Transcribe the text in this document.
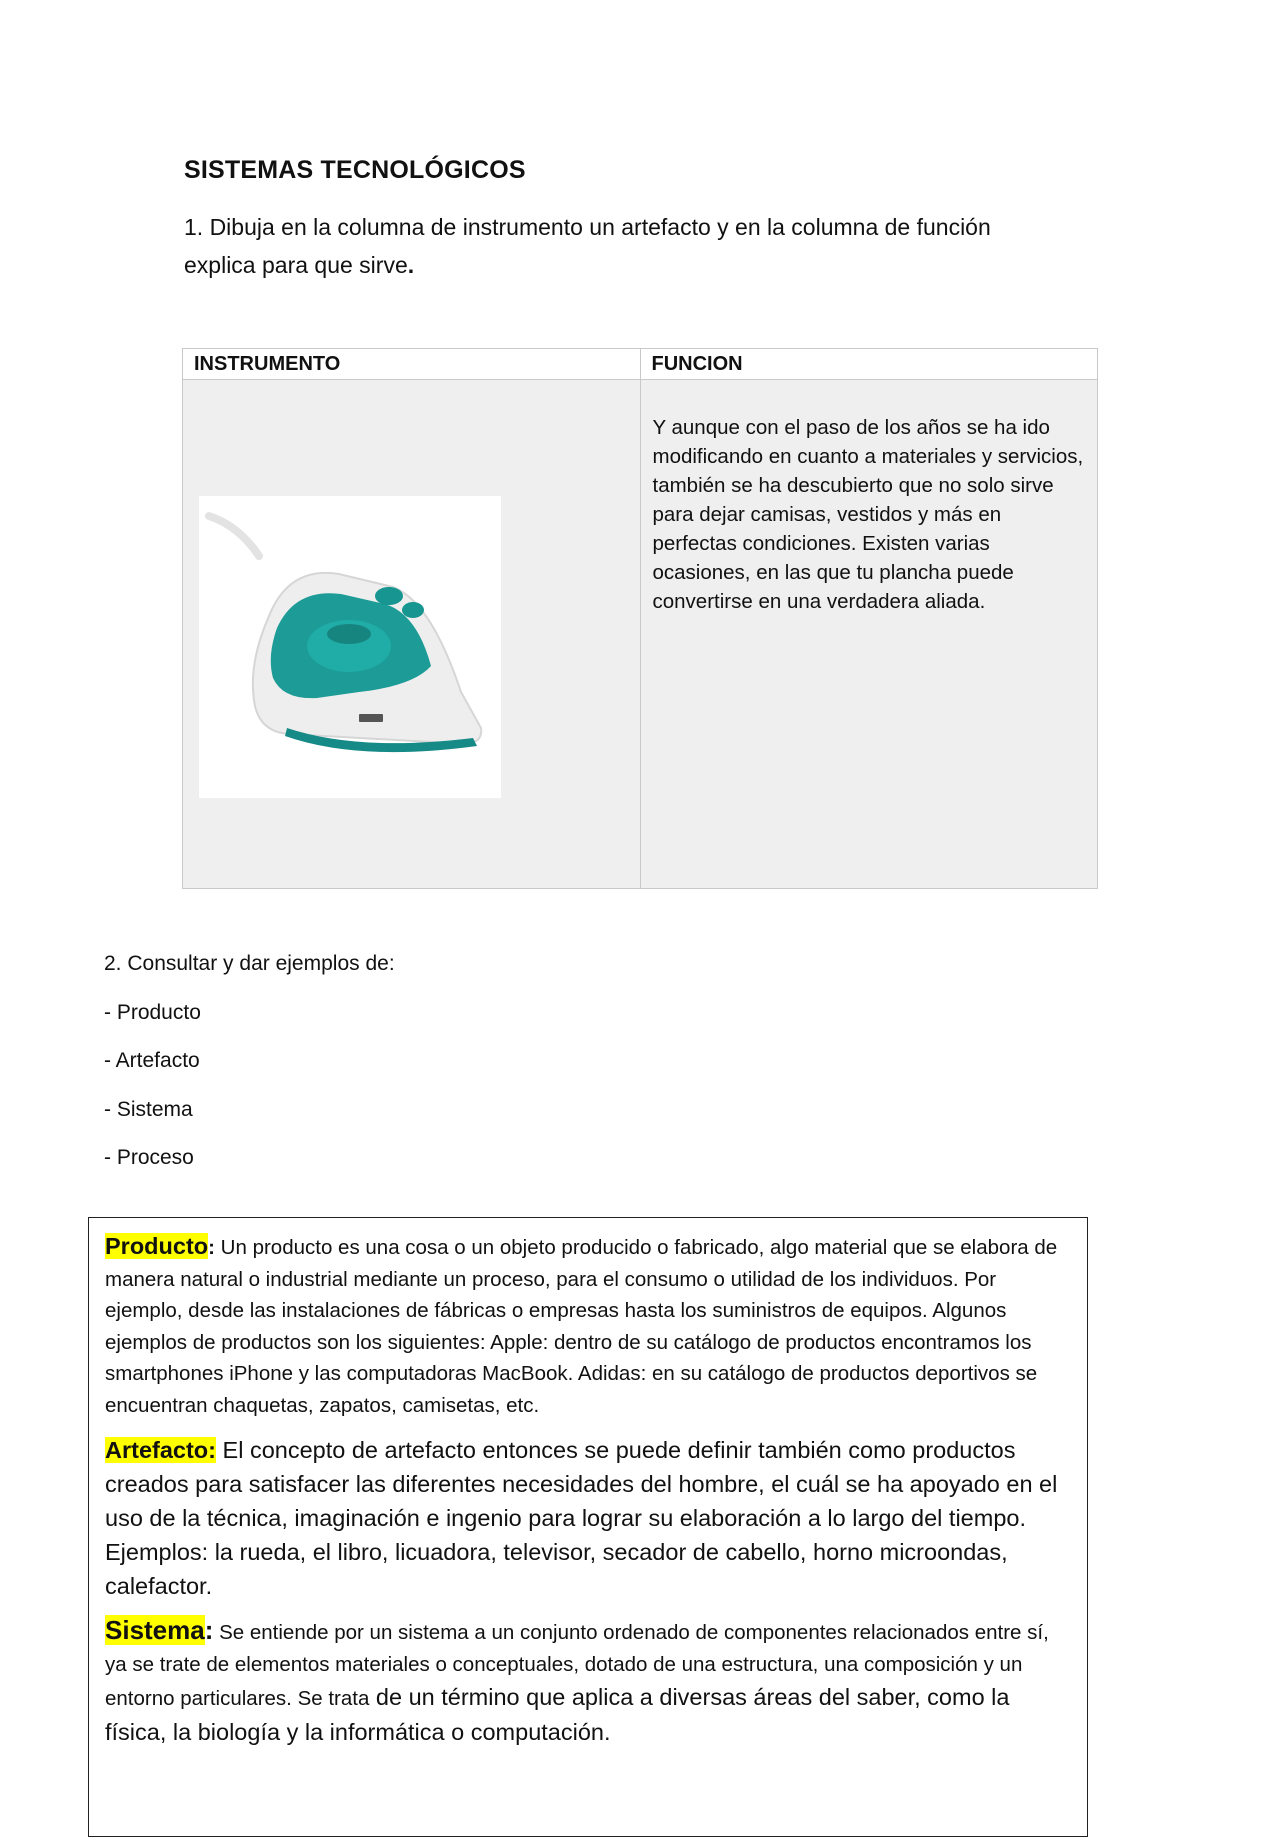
SISTEMAS TECNOLÓGICOS
1. Dibuja en la columna de instrumento un artefacto y en la columna de función explica para que sirve.
INSTRUMENTO	FUNCION

Y aunque con el paso de los años se ha ido modificando en cuanto a materiales y servicios, también se ha descubierto que no solo sirve para dejar camisas, vestidos y más en perfectas condiciones. Existen varias ocasiones, en las que tu plancha puede convertirse en una verdadera aliada.
2. Consultar y dar ejemplos de:
- Producto
- Artefacto
- Sistema
- Proceso

Producto: Un producto es una cosa o un objeto producido o fabricado, algo material que se elabora de manera natural o industrial mediante un proceso, para el consumo o utilidad de los individuos. Por ejemplo, desde las instalaciones de fábricas o empresas hasta los suministros de equipos. Algunos ejemplos de productos son los siguientes: Apple: dentro de su catálogo de productos encontramos los smartphones iPhone y las computadoras MacBook. Adidas: en su catálogo de productos deportivos se encuentran chaquetas, zapatos, camisetas, etc.

Artefacto: El concepto de artefacto entonces se puede definir también como productos creados para satisfacer las diferentes necesidades del hombre, el cuál se ha apoyado en el uso de la técnica, imaginación e ingenio para lograr su elaboración a lo largo del tiempo. Ejemplos: la rueda, el libro, licuadora, televisor, secador de cabello, horno microondas, calefactor.

Sistema: Se entiende por un sistema a un conjunto ordenado de componentes relacionados entre sí, ya se trate de elementos materiales o conceptuales, dotado de una estructura, una composición y un entorno particulares. Se trata de un término que aplica a diversas áreas del saber, como la física, la biología y la informática o computación.
